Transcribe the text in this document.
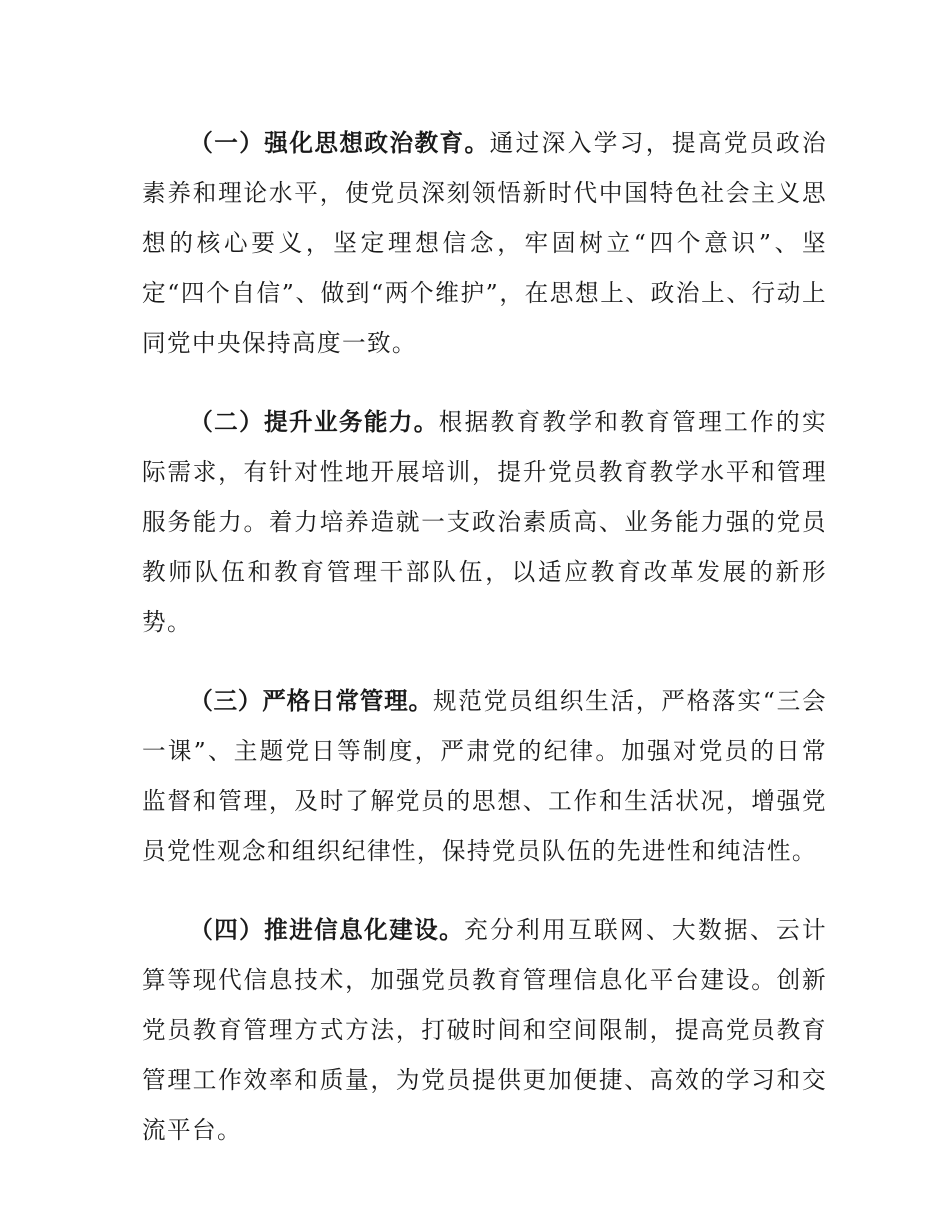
（一）强化思想政治教育。通过深入学习，提高党员政治素养和理论水平，使党员深刻领悟新时代中国特色社会主义思想的核心要义，坚定理想信念，牢固树立“四个意识”、坚定“四个自信”、做到“两个维护”，在思想上、政治上、行动上同党中央保持高度一致。

（二）提升业务能力。根据教育教学和教育管理工作的实际需求，有针对性地开展培训，提升党员教育教学水平和管理服务能力。着力培养造就一支政治素质高、业务能力强的党员教师队伍和教育管理干部队伍，以适应教育改革发展的新形势。

（三）严格日常管理。规范党员组织生活，严格落实“三会一课”、主题党日等制度，严肃党的纪律。加强对党员的日常监督和管理，及时了解党员的思想、工作和生活状况，增强党员党性观念和组织纪律性，保持党员队伍的先进性和纯洁性。

（四）推进信息化建设。充分利用互联网、大数据、云计算等现代信息技术，加强党员教育管理信息化平台建设。创新党员教育管理方式方法，打破时间和空间限制，提高党员教育管理工作效率和质量，为党员提供更加便捷、高效的学习和交流平台。
